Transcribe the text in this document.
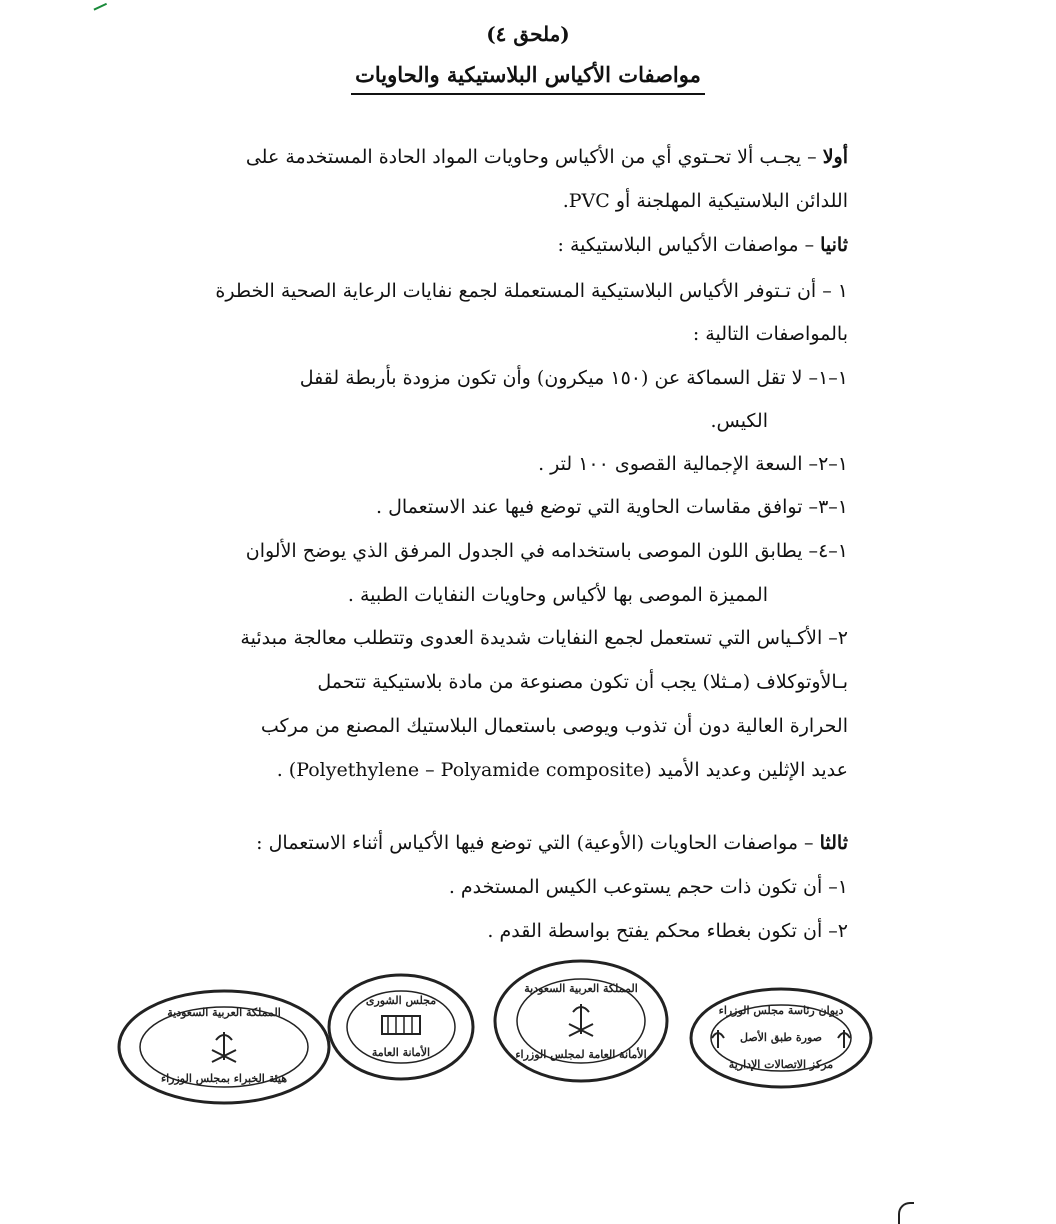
(ملحق ٤)
مواصفات الأكياس البلاستيكية والحاويات
أولا – يجـب ألا تحـتوي أي من الأكياس وحاويات المواد الحادة المستخدمة على
اللدائن البلاستيكية المهلجنة أو PVC.
ثانيا – مواصفات الأكياس البلاستيكية :
١ – أن تـتوفر الأكياس البلاستيكية المستعملة لجمع نفايات الرعاية الصحية الخطرة
بالمواصفات التالية :
١–١– لا تقل السماكة عن (١٥٠ ميكرون) وأن تكون مزودة بأربطة لقفل
الكيس.
١–٢– السعة الإجمالية القصوى ١٠٠ لتر .
١–٣– توافق مقاسات الحاوية التي توضع فيها عند الاستعمال .
١–٤– يطابق اللون الموصى باستخدامه في الجدول المرفق الذي يوضح الألوان
المميزة الموصى بها لأكياس وحاويات النفايات الطبية .
٢– الأكـياس التي تستعمل لجمع النفايات شديدة العدوى وتتطلب معالجة مبدئية
بـالأوتوكلاف (مـثلا) يجب أن تكون مصنوعة من مادة بلاستيكية تتحمل
الحرارة العالية دون أن تذوب ويوصى باستعمال البلاستيك المصنع من مركب
عديد الإثلين وعديد الأميد (Polyethylene – Polyamide composite) .
ثالثا – مواصفات الحاويات (الأوعية) التي توضع فيها الأكياس أثناء الاستعمال :
١– أن تكون ذات حجم يستوعب الكيس المستخدم .
٢– أن تكون بغطاء محكم يفتح بواسطة القدم .
المملكة العربية السعودية
هيئة الخبراء بمجلس الوزراء
مجلس الشورى
الأمانة العامة
المملكة العربية السعودية
الأمانة العامة لمجلس الوزراء
ديوان رئاسة مجلس الوزراء
صورة طبق الأصل
مركز الاتصالات الإدارية
